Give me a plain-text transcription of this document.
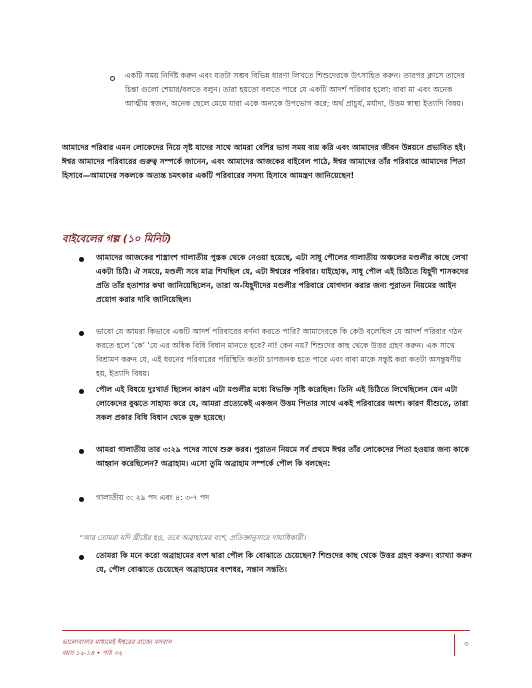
একটি সময় নির্দিষ্ট করুন এবং যতটা সম্ভব বিভিন্ন ধারণা লিখতে শিশুদেরকে উৎসাহিত করুন। তারপর ক্লাসে তাদের চিন্তা গুলো শেয়ার/বলতে বলুন। তারা হয়তো বলতে পারে যে একটি আদর্শ পরিবার হলো: বাবা মা এবং অনেক আত্মীয় স্বজন, অনেক ছেলে মেয়ে যারা একে অন্যকে উপভোগ করে; অর্থ প্রাচুর্য, মর্যাদা, উত্তম স্বাস্থ্য ইত্যাদি বিষয়।
আমাদের পরিবার এমন লোকেদের নিয়ে সৃষ্ট যাদের সাথে আমরা বেশির ভাগ সময় ব্যয় করি এবং আমাদের জীবন উন্নয়নে প্রভাবিত হই। ঈশ্বর আমাদের পরিবারের গুরুত্ব সম্পর্কে জানেন, এবং আমাদের আজকের বাইবেল পাঠে, ঈশ্বর আমাদের তাঁর পরিবারে আমাদের পিতা হিসাবে—আমাদের সকলকে অত্যন্ত চমৎকার একটি পরিবারের সদস্য হিসাবে আমন্ত্রণ জানিয়েছেন!
বাইবেলের গল্প (১০ মিনিট)
আমাদের আজকের শাস্ত্রাংশ গালাতীয় পুস্তক থেকে নেওয়া হয়েছে, এটা সাধু পৌলের গালাতীয় অঞ্চলের মণ্ডলীর কাছে লেখা একটা চিঠি। ঐ সময়ে, মণ্ডলী সবে মাত্র শিখছিল যে, এটা ঈশ্বরের পরিবার। যাইহোক, সাধু পৌল এই চিঠিতে যিহূদী শাসকদের প্রতি তাঁর হতাশার কথা জানিয়েছিলেন, তারা অ-যিহূদীদের মণ্ডলীর পরিবারে যোগদান করার জন্য পুরাতন নিয়মের আইন প্রয়োগ করার দাবি জানিয়েছিল।
ভাবো যে আমরা কিভাবে একটি আদর্শ পরিবারের বর্ণনা করতে পারি? আমাদেরকে কি কেউ বলেছিল যে আদর্শ পরিবার গঠন করতে হলে ‘কে’ ‘যে এর অধিক বিধি বিধান মানতে হবে? না! কেন নয়? শিশুদের কাছ থেকে উত্তর গ্রহণ করুন। এক সাথে বিশ্রামণ করুন যে, এই ধরনের পরিবারের পরিস্থিতি কতটা চাপজনক হতে পারে এবং বাবা মাকে সন্তুষ্ট করা কতটা অসন্তুষণীয় হয়, ইত্যাদি বিষয়।
পৌল এই বিষয়ে দুঃখার্ত ছিলেন কারণ এটা মণ্ডলীর মধ্যে বিভক্তি সৃষ্টি করেছিল। তিনি এই চিঠিতে লিখেছিলেন যেন এটা লোকেদের বুঝতে সাহায্য করে যে, আমরা প্রত্যেকেই একজন উত্তম পিতার সাথে একই পরিবারের অংশ। কারণ যীশুতে, তারা সকল প্রকার বিধি বিধান থেকে মুক্ত হয়েছে।
আমরা গালাতীয় তার ৩:২৯ পদের সাথে শুরু করব। পুরাতন নিয়মে সর্ব প্রথমে ঈশ্বর তাঁর লোকেদের পিতা হওয়ার জন্য কাকে আহ্বান করেছিলেন? অব্রাহাম। এসো তুমি অব্রাহাম সম্পর্কে পৌল কি বলছেন:
গালাতীয় ৩: ২৯ পদ এবং ৪: ৩-৭ পদ
“আর তোমরা যদি খ্রীষ্টের হও, তবে অব্রাহামের বংশ, প্রতিজ্ঞানুসারে দায়াধিকারী।
তোমরা কি মনে করো অব্রাহামের বংশ দ্বারা পৌল কি বোঝাতে চেয়েছেন? শিশুদের কাছ থেকে উত্তর গ্রহণ করুন। ব্যাখ্যা করুন যে, পৌল বোঝাতে চেয়েছেন অব্রাহামের বংশধর, সন্তান সন্ততি।
ভালোবাসার মাধ্যমেই ঈশ্বরের রাজ্যে বসবাস
বয়স ১২-১৪ • পাঠ ৩২
৩
